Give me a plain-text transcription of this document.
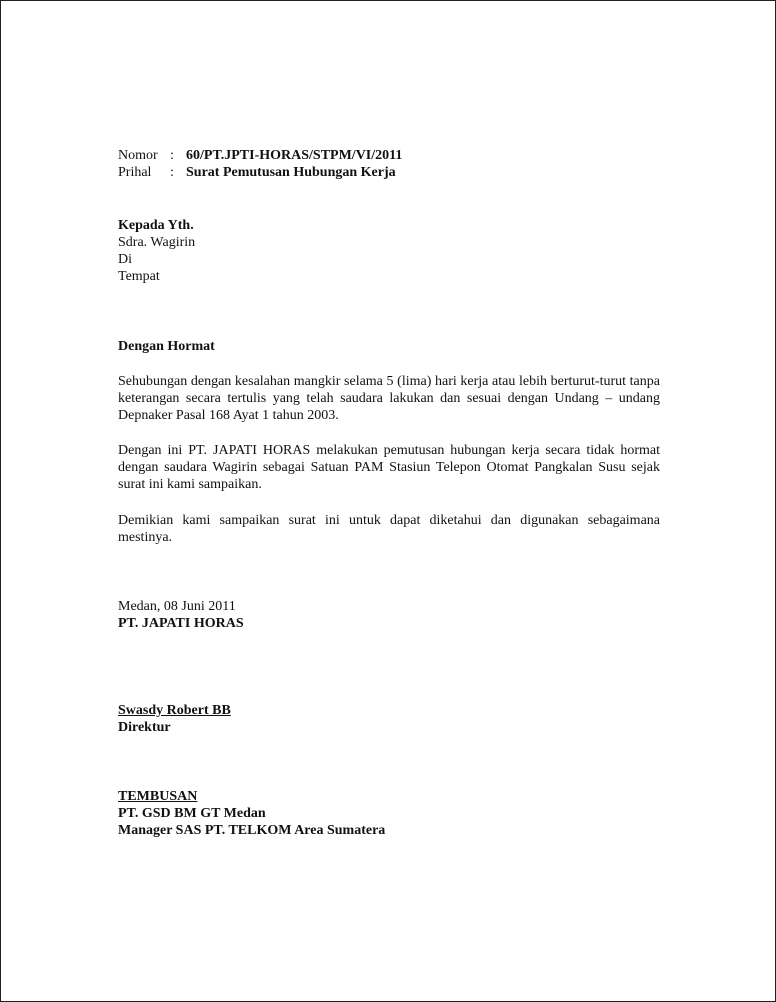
Nomor : 60/PT.JPTI-HORAS/STPM/VI/2011
Prihal	: Surat Pemutusan Hubungan Kerja
Kepada Yth.
Sdra. Wagirin
Di
Tempat
Dengan Hormat
Sehubungan dengan kesalahan mangkir selama 5 (lima) hari kerja atau lebih berturut-turut tanpa keterangan secara tertulis yang telah saudara lakukan dan sesuai dengan Undang – undang Depnaker Pasal 168 Ayat 1 tahun 2003.
Dengan ini PT. JAPATI HORAS melakukan pemutusan hubungan kerja secara tidak hormat dengan saudara Wagirin sebagai Satuan PAM Stasiun Telepon Otomat Pangkalan Susu sejak surat ini kami sampaikan.
Demikian kami sampaikan surat ini untuk dapat diketahui dan digunakan sebagaimana mestinya.
Medan, 08 Juni 2011
PT. JAPATI HORAS
Swasdy Robert BB
Direktur
TEMBUSAN
PT. GSD BM GT Medan
Manager SAS PT. TELKOM Area Sumatera
